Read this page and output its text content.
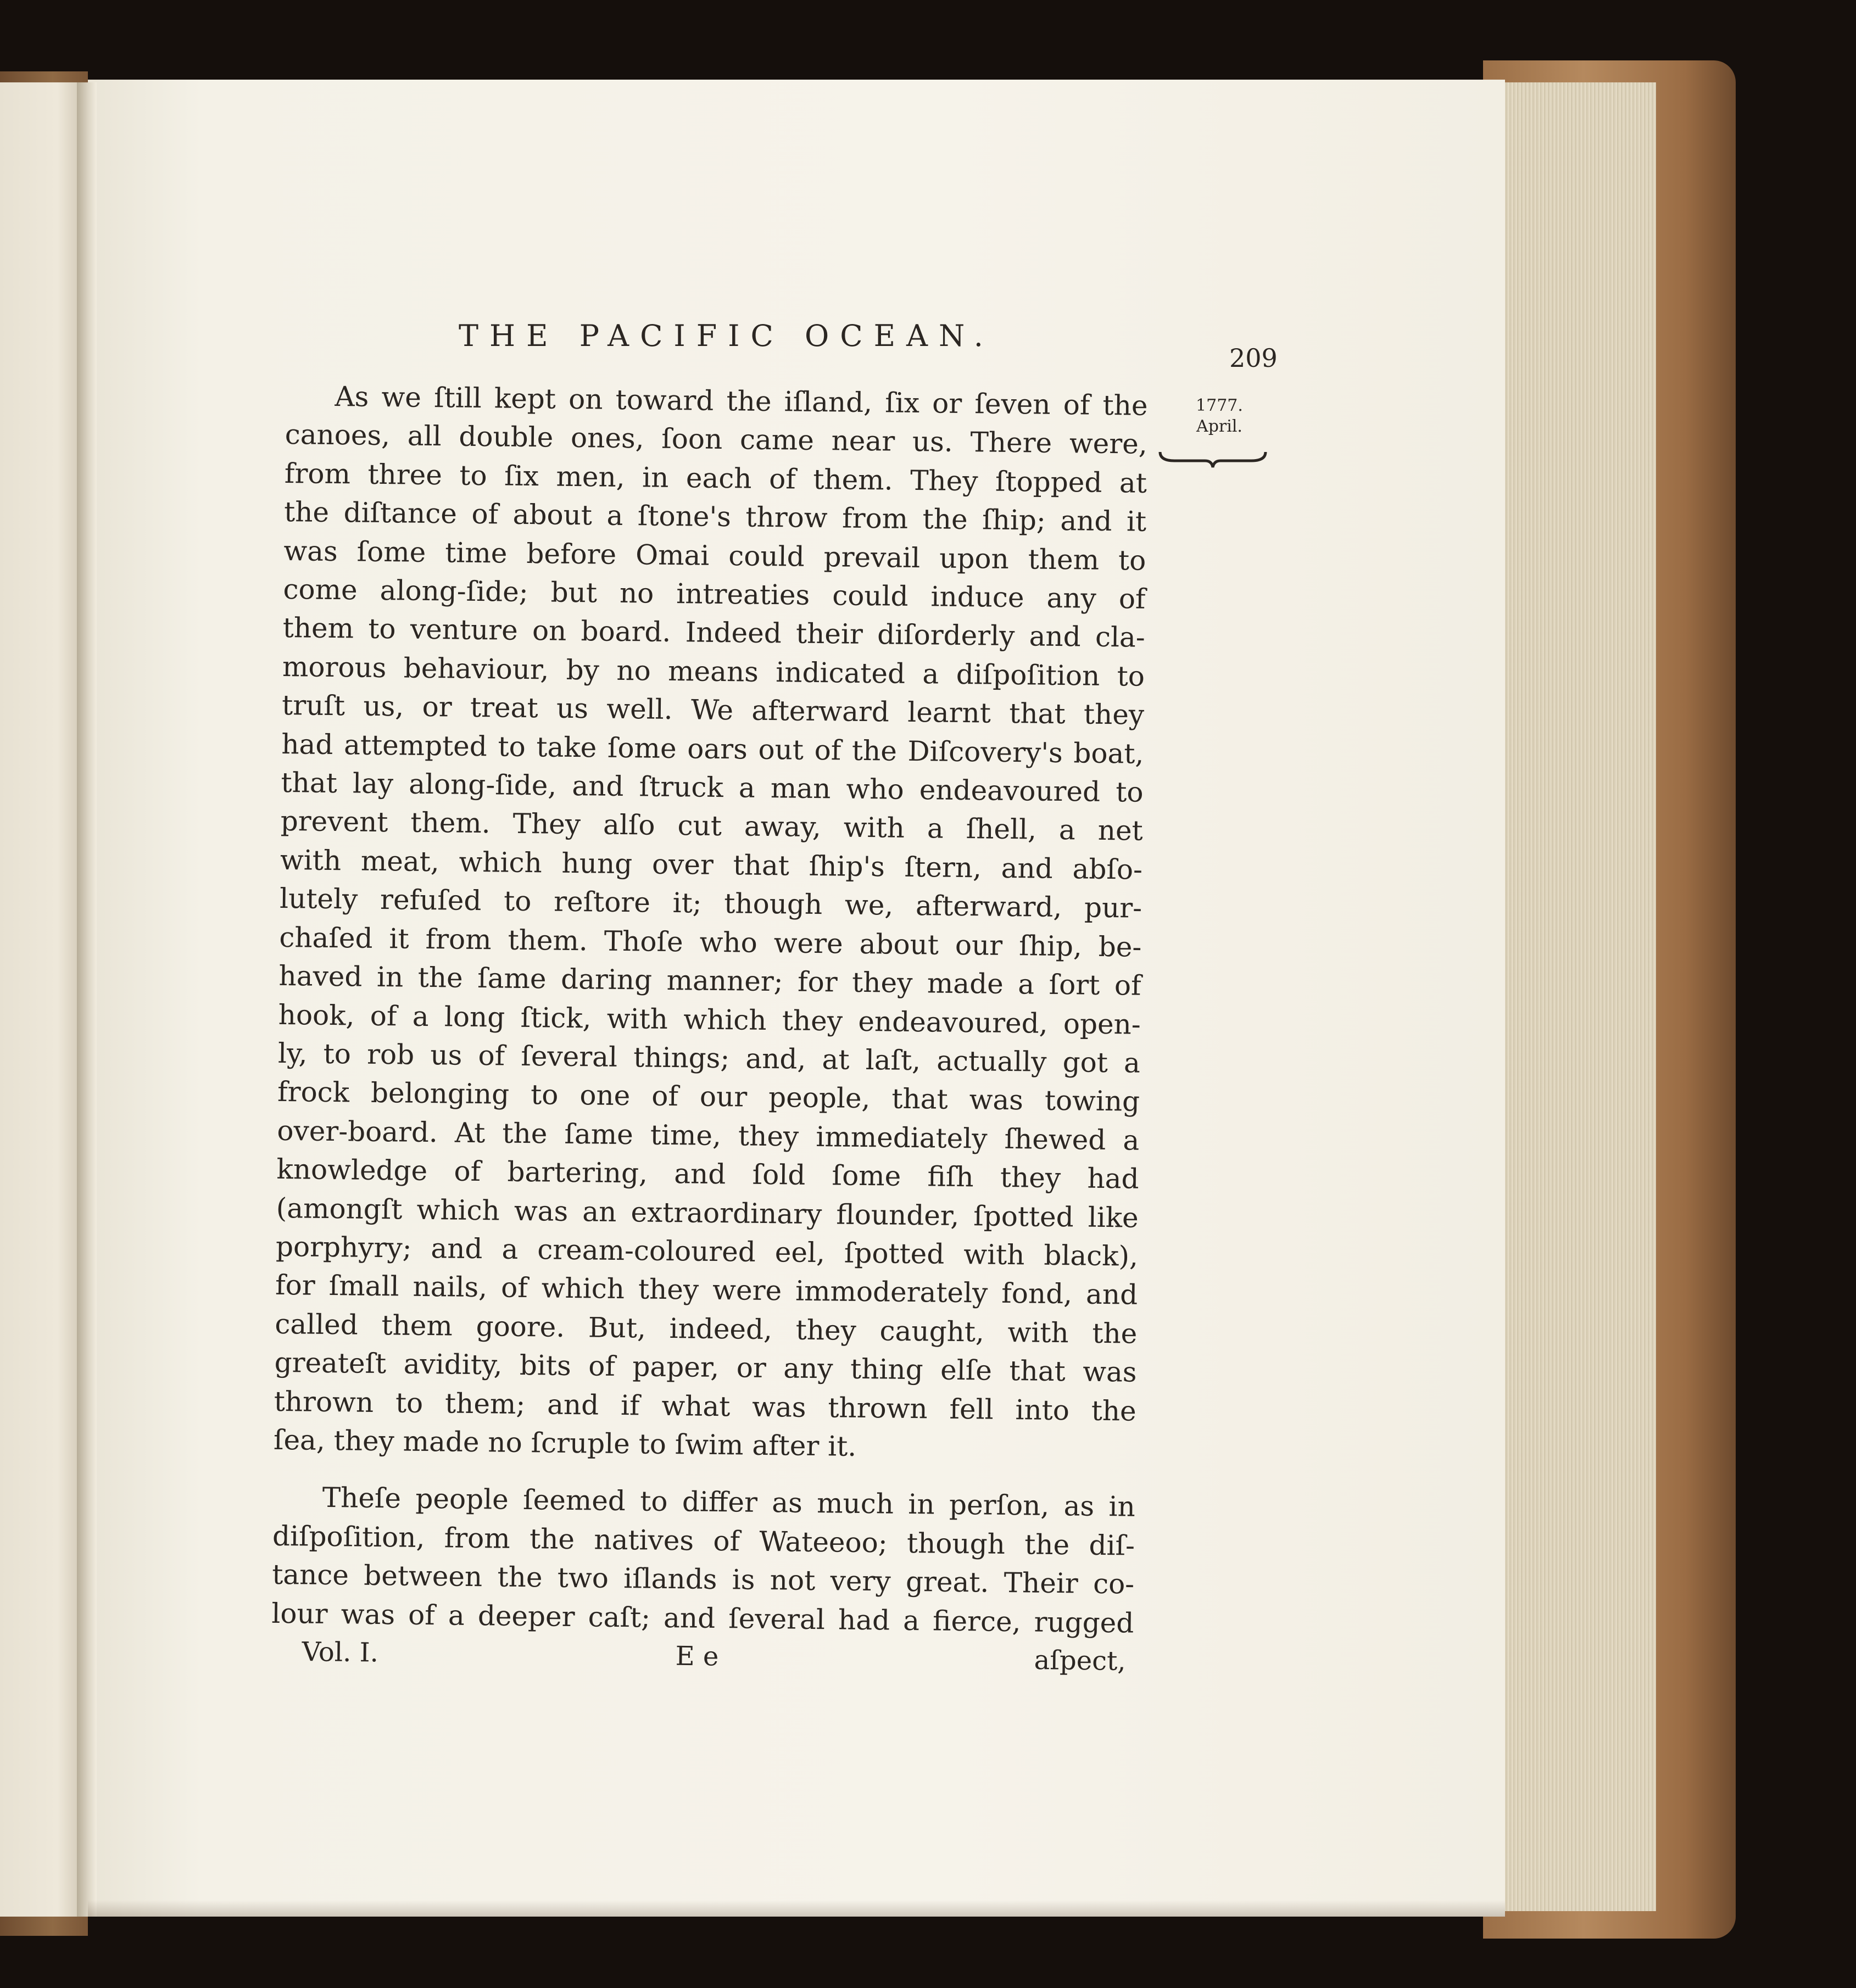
THE PACIFIC OCEAN.
209
1777.
April.

As we ſtill kept on toward the iſland, ſix or ſeven of the

canoes, all double ones, ſoon came near us. There were,

from three to ſix men, in each of them. They ſtopped at

the diſtance of about a ſtone's throw from the ſhip; and it

was ſome time before Omai could prevail upon them to

come along-ſide; but no intreaties could induce any of

them to venture on board. Indeed their diſorderly and cla-

morous behaviour, by no means indicated a diſpoſition to

truſt us, or treat us well. We afterward learnt that they

had attempted to take ſome oars out of the Diſcovery's boat,

that lay along-ſide, and ſtruck a man who endeavoured to

prevent them. They alſo cut away, with a ſhell, a net

with meat, which hung over that ſhip's ſtern, and abſo-

lutely refuſed to reſtore it; though we, afterward, pur-

chaſed it from them. Thoſe who were about our ſhip, be-

haved in the ſame daring manner; for they made a ſort of

hook, of a long ſtick, with which they endeavoured, open-

ly, to rob us of ſeveral things; and, at laſt, actually got a

frock belonging to one of our people, that was towing

over-board. At the ſame time, they immediately ſhewed a

knowledge of bartering, and ſold ſome fiſh they had

(amongſt which was an extraordinary flounder, ſpotted like

porphyry; and a cream-coloured eel, ſpotted with black),

for ſmall nails, of which they were immoderately fond, and

called them goore. But, indeed, they caught, with the

greateſt avidity, bits of paper, or any thing elſe that was

thrown to them; and if what was thrown fell into the

ſea, they made no ſcruple to ſwim after it.

Theſe people ſeemed to differ as much in perſon, as in

diſpoſition, from the natives of Wateeoo; though the diſ-

tance between the two iſlands is not very great. Their co-

lour was of a deeper caſt; and ſeveral had a fierce, rugged

Vol. I.	E e	aſpect,
